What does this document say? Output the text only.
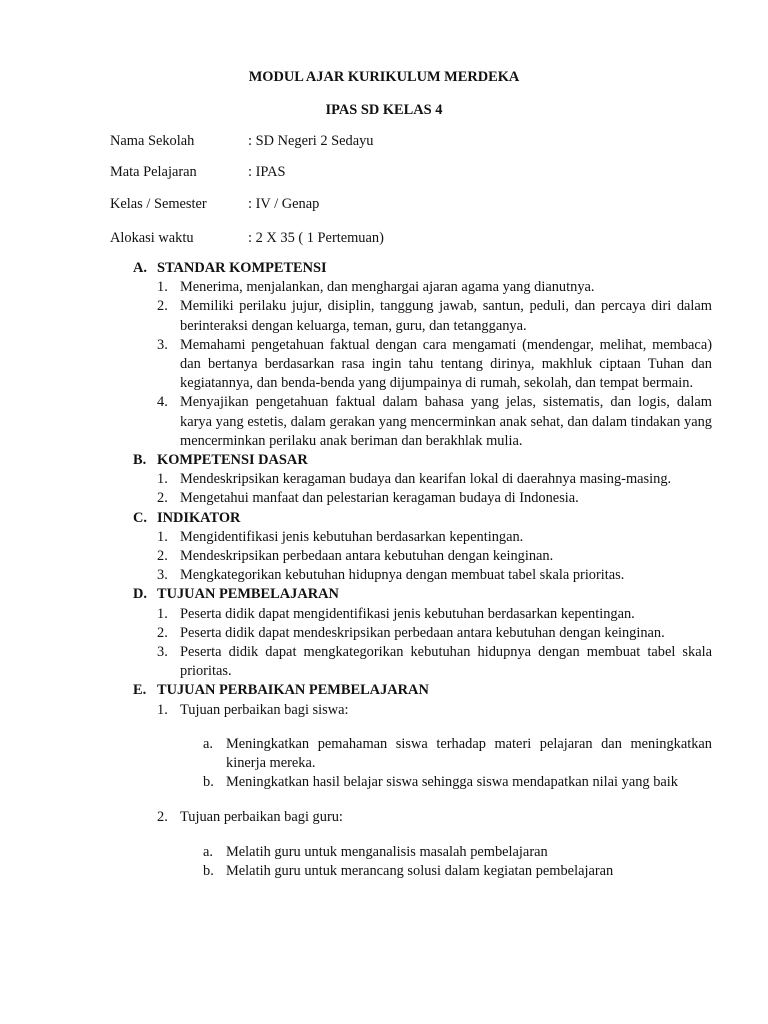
MODUL AJAR KURIKULUM MERDEKA
IPAS SD KELAS 4
Nama Sekolah	: SD Negeri 2 Sedayu
Mata Pelajaran	: IPAS
Kelas / Semester	: IV / Genap
Alokasi waktu	: 2 X 35 ( 1 Pertemuan)
A. STANDAR KOMPETENSI
1. Menerima, menjalankan, dan menghargai ajaran agama yang dianutnya.
2. Memiliki perilaku jujur, disiplin, tanggung jawab, santun, peduli, dan percaya diri dalam berinteraksi dengan keluarga, teman, guru, dan tetangganya.
3. Memahami pengetahuan faktual dengan cara mengamati (mendengar, melihat, membaca) dan bertanya berdasarkan rasa ingin tahu tentang dirinya, makhluk ciptaan Tuhan dan kegiatannya, dan benda-benda yang dijumpainya di rumah, sekolah, dan tempat bermain.
4. Menyajikan pengetahuan faktual dalam bahasa yang jelas, sistematis, dan logis, dalam karya yang estetis, dalam gerakan yang mencerminkan anak sehat, dan dalam tindakan yang mencerminkan perilaku anak beriman dan berakhlak mulia.
B. KOMPETENSI DASAR
1. Mendeskripsikan keragaman budaya dan kearifan lokal di daerahnya masing-masing.
2. Mengetahui manfaat dan pelestarian keragaman budaya di Indonesia.
C. INDIKATOR
1. Mengidentifikasi jenis kebutuhan berdasarkan kepentingan.
2. Mendeskripsikan perbedaan antara kebutuhan dengan keinginan.
3. Mengkategorikan kebutuhan hidupnya dengan membuat tabel skala prioritas.
D. TUJUAN PEMBELAJARAN
1. Peserta didik dapat mengidentifikasi jenis kebutuhan berdasarkan kepentingan.
2. Peserta didik dapat mendeskripsikan perbedaan antara kebutuhan dengan keinginan.
3. Peserta didik dapat mengkategorikan kebutuhan hidupnya dengan membuat tabel skala prioritas.
E. TUJUAN PERBAIKAN PEMBELAJARAN
1. Tujuan perbaikan bagi siswa:
a. Meningkatkan pemahaman siswa terhadap materi pelajaran dan meningkatkan kinerja mereka.
b. Meningkatkan hasil belajar siswa sehingga siswa mendapatkan nilai yang baik
2. Tujuan perbaikan bagi guru:
a. Melatih guru untuk menganalisis masalah pembelajaran
b. Melatih guru untuk merancang solusi dalam kegiatan pembelajaran
